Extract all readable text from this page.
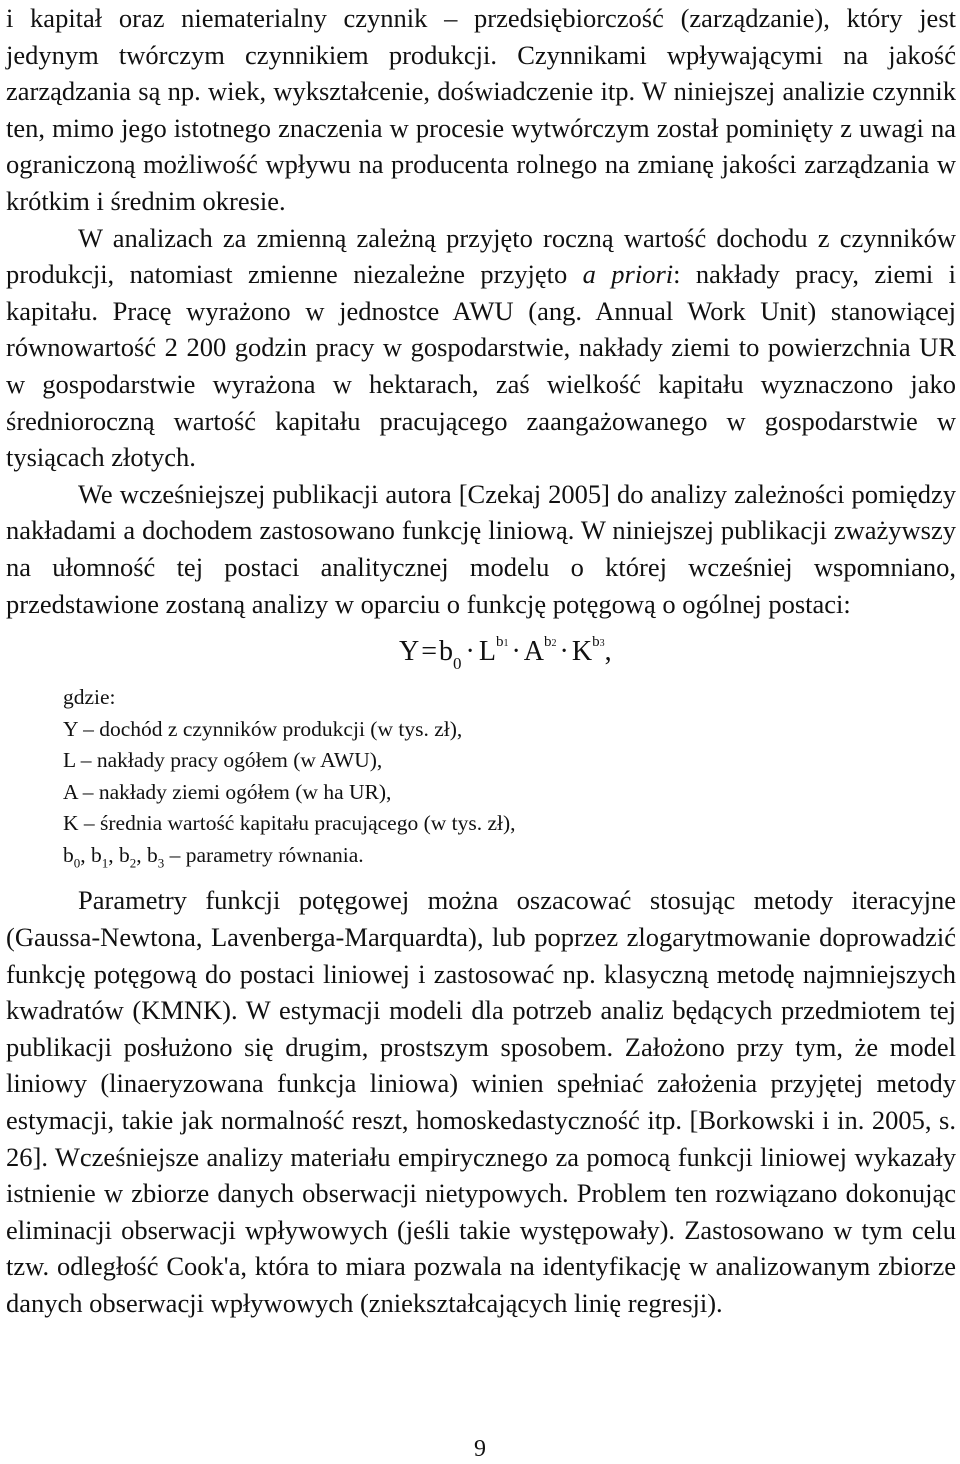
i kapitał oraz niematerialny czynnik – przedsiębiorczość (zarządzanie), który jest jedynym twórczym czynnikiem produkcji. Czynnikami wpływającymi na jakość zarządzania są np. wiek, wykształcenie, doświadczenie itp. W niniejszej analizie czynnik ten, mimo jego istotnego znaczenia w procesie wytwórczym został pominięty z uwagi na ograniczoną możliwość wpływu na producenta rolnego na zmianę jakości zarządzania w krótkim i średnim okresie.

W analizach za zmienną zależną przyjęto roczną wartość dochodu z czynników produkcji, natomiast zmienne niezależne przyjęto a priori: nakłady pracy, ziemi i kapitału. Pracę wyrażono w jednostce AWU (ang. Annual Work Unit) stanowiącej równowartość 2 200 godzin pracy w gospodarstwie, nakłady ziemi to powierzchnia UR w gospodarstwie wyrażona w hektarach, zaś wielkość kapitału wyznaczono jako średnioroczną wartość kapitału pracującego zaangażowanego w gospodarstwie w tysiącach złotych.

We wcześniejszej publikacji autora [Czekaj 2005] do analizy zależności pomiędzy nakładami a dochodem zastosowano funkcję liniową. W niniejszej publikacji zważywszy na ułomność tej postaci analitycznej modelu o której wcześniej wspomniano, przedstawione zostaną analizy w oparciu o funkcję potęgową o ogólnej postaci:

$Y=b_0 \cdot L^{b1} \cdot A^{b2} \cdot K^{b3}$,
gdzie:
Y – dochód z czynników produkcji (w tys. zł),
L – nakłady pracy ogółem (w AWU),
A – nakłady ziemi ogółem (w ha UR),
K – średnia wartość kapitału pracującego (w tys. zł),
$b_0$, $b_1$, $b_2$, $b_3$ – parametry równania.

Parametry funkcji potęgowej można oszacować stosując metody iteracyjne (Gaussa-Newtona, Lavenberga-Marquardta), lub poprzez zlogarytmowanie doprowadzić funkcję potęgową do postaci liniowej i zastosować np. klasyczną metodę najmniejszych kwadratów (KMNK). W estymacji modeli dla potrzeb analiz będących przedmiotem tej publikacji posłużono się drugim, prostszym sposobem. Założono przy tym, że model liniowy (linaeryzowana funkcja liniowa) winien spełniać założenia przyjętej metody estymacji, takie jak normalność reszt, homoskedastyczność itp. [Borkowski i in. 2005, s. 26]. Wcześniejsze analizy materiału empirycznego za pomocą funkcji liniowej wykazały istnienie w zbiorze danych obserwacji nietypowych. Problem ten rozwiązano dokonując eliminacji obserwacji wpływowych (jeśli takie występowały). Zastosowano w tym celu tzw. odległość Cook'a, która to miara pozwala na identyfikację w analizowanym zbiorze danych obserwacji wpływowych (zniekształcających linię regresji).

9
